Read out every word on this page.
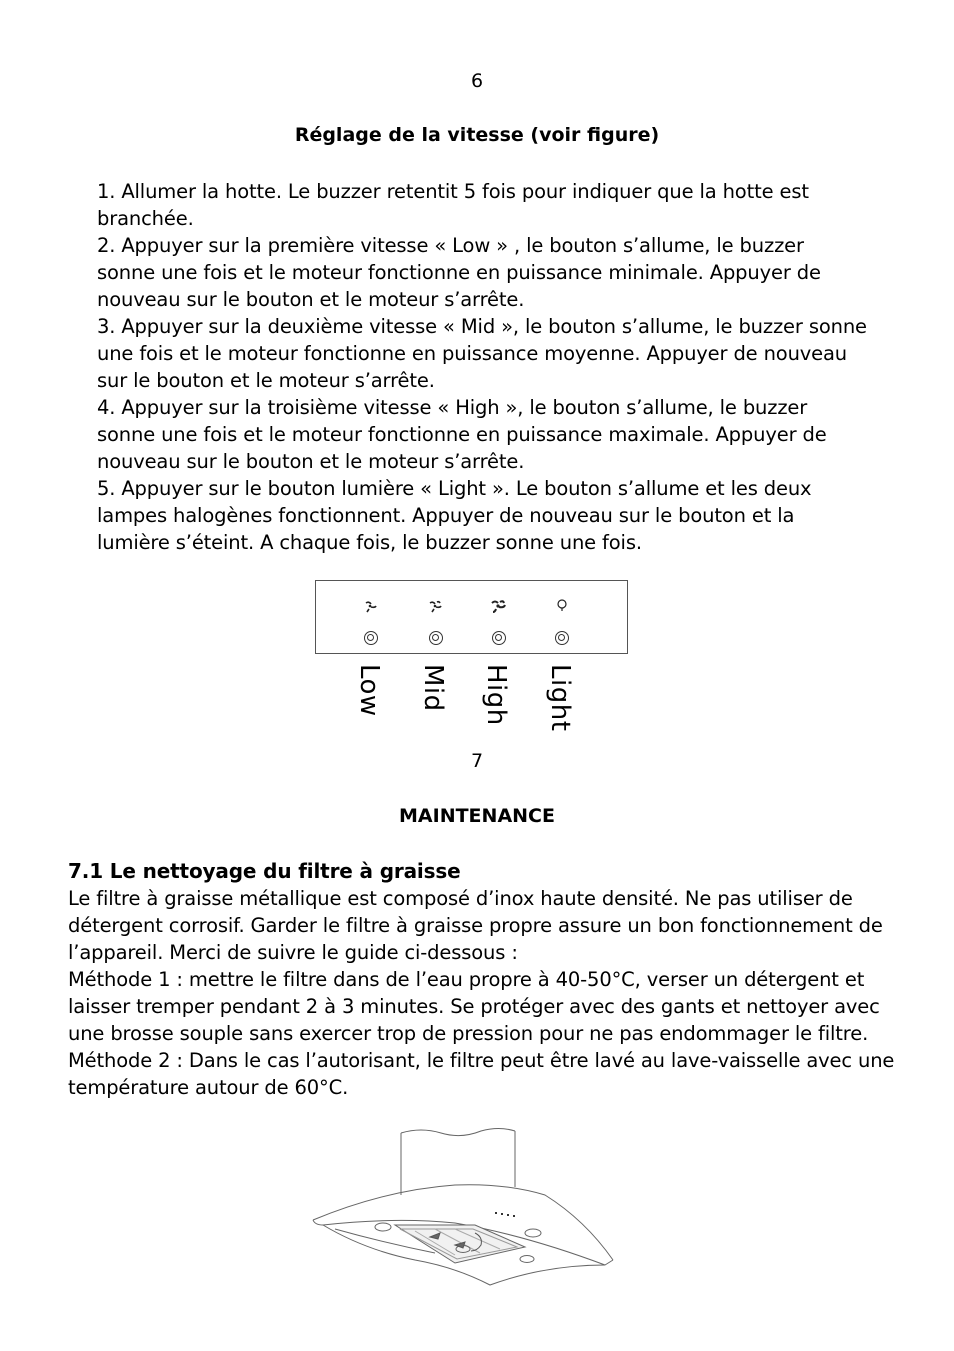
6
Réglage de la vitesse (voir figure)

1. Allumer la hotte. Le buzzer retentit 5 fois pour indiquer que la hotte est branchée.

2. Appuyer sur la première vitesse « Low » , le bouton s’allume, le buzzer sonne une fois et le moteur fonctionne en puissance minimale. Appuyer de nouveau sur le bouton et le moteur s’arrête.

3. Appuyer sur la deuxième vitesse « Mid », le bouton s’allume, le buzzer sonne une fois et le moteur fonctionne en puissance moyenne. Appuyer de nouveau sur le bouton et le moteur s’arrête.

4. Appuyer sur la troisième vitesse « High », le bouton s’allume, le buzzer sonne une fois et le moteur fonctionne en puissance maximale. Appuyer de nouveau sur le bouton et le moteur s’arrête.

5. Appuyer sur le bouton lumière « Light ». Le bouton s’allume et les deux lampes halogènes fonctionnent. Appuyer de nouveau sur le bouton et la lumière s’éteint. A chaque fois, le buzzer sonne une fois.

Low Mid High Light
7
MAINTENANCE
7.1 Le nettoyage du filtre à graisse

Le filtre à graisse métallique est composé d’inox haute densité. Ne pas utiliser de détergent corrosif. Garder le filtre à graisse propre assure un bon fonctionnement de l’appareil. Merci de suivre le guide ci-dessous :

Méthode 1 : mettre le filtre dans de l’eau propre à 40-50°C, verser un détergent et laisser tremper pendant 2 à 3 minutes. Se protéger avec des gants et nettoyer avec une brosse souple sans exercer trop de pression pour ne pas endommager le filtre.

Méthode 2 : Dans le cas l’autorisant, le filtre peut être lavé au lave-vaisselle avec une température autour de 60°C.
